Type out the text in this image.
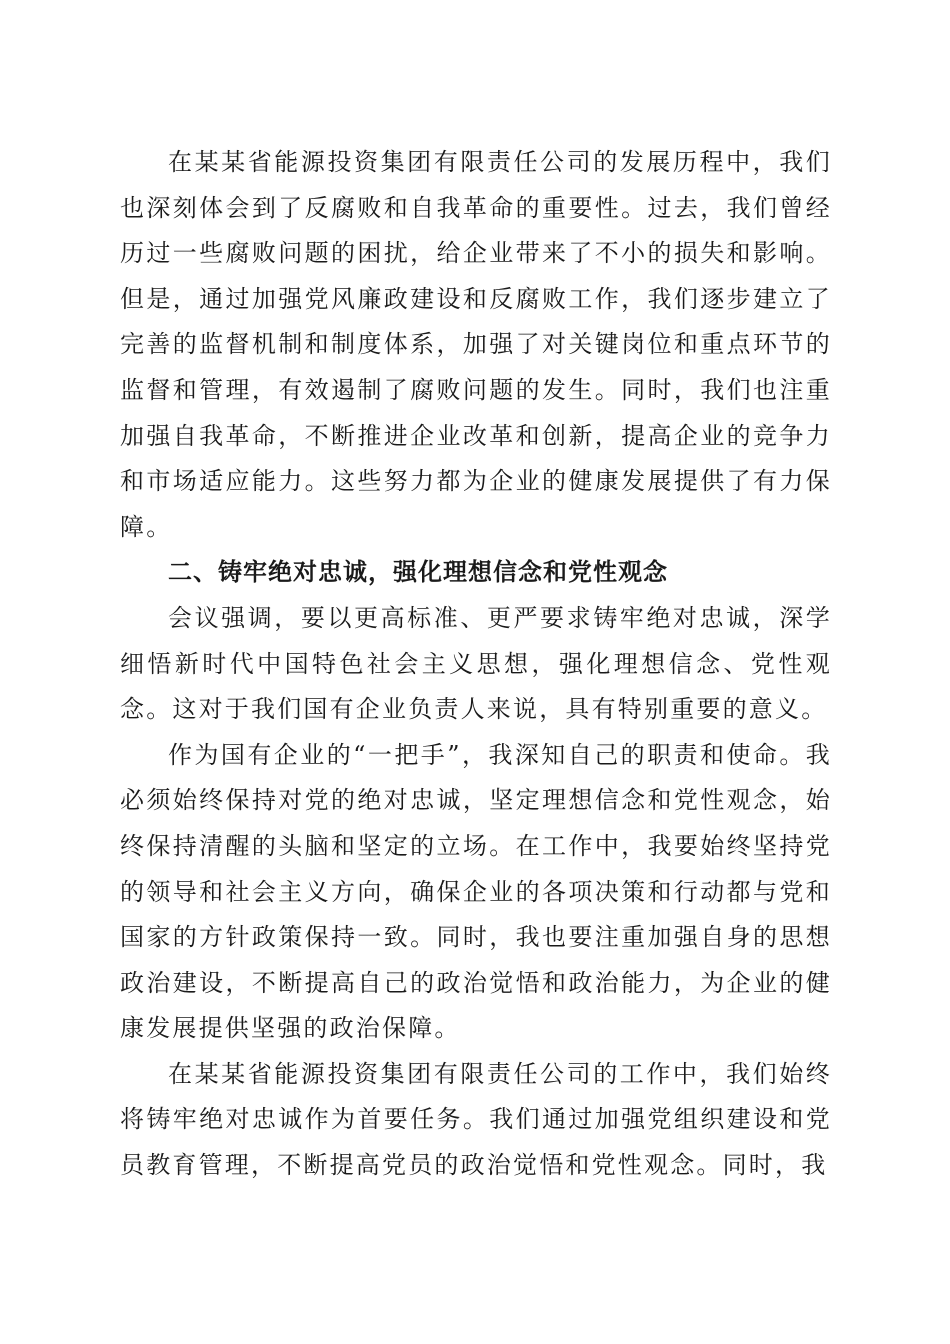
在某某省能源投资集团有限责任公司的发展历程中，我们也深刻体会到了反腐败和自我革命的重要性。过去，我们曾经历过一些腐败问题的困扰，给企业带来了不小的损失和影响。但是，通过加强党风廉政建设和反腐败工作，我们逐步建立了完善的监督机制和制度体系，加强了对关键岗位和重点环节的监督和管理，有效遏制了腐败问题的发生。同时，我们也注重加强自我革命，不断推进企业改革和创新，提高企业的竞争力和市场适应能力。这些努力都为企业的健康发展提供了有力保障。

二、铸牢绝对忠诚，强化理想信念和党性观念

会议强调，要以更高标准、更严要求铸牢绝对忠诚，深学细悟新时代中国特色社会主义思想，强化理想信念、党性观念。这对于我们国有企业负责人来说，具有特别重要的意义。

作为国有企业的“一把手”，我深知自己的职责和使命。我必须始终保持对党的绝对忠诚，坚定理想信念和党性观念，始终保持清醒的头脑和坚定的立场。在工作中，我要始终坚持党的领导和社会主义方向，确保企业的各项决策和行动都与党和国家的方针政策保持一致。同时，我也要注重加强自身的思想政治建设，不断提高自己的政治觉悟和政治能力，为企业的健康发展提供坚强的政治保障。

在某某省能源投资集团有限责任公司的工作中，我们始终将铸牢绝对忠诚作为首要任务。我们通过加强党组织建设和党员教育管理，不断提高党员的政治觉悟和党性观念。同时，我
